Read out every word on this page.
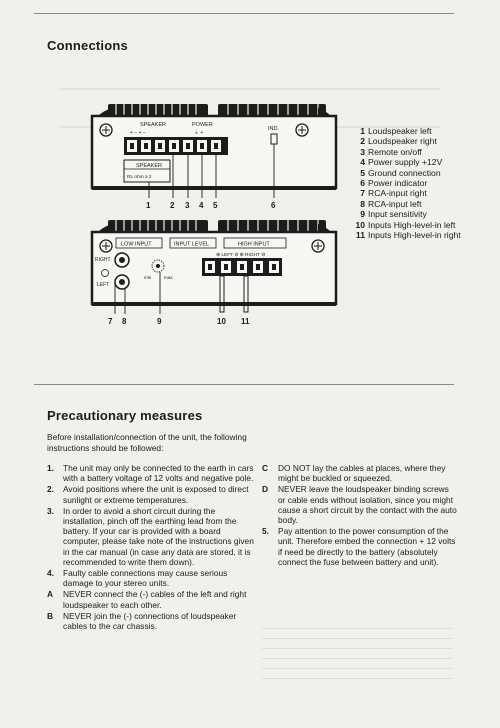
Connections
SPEAKER	POWER
+ − + −	⏚ +
SPEAKER
RL ohm ≥ 2
IND.
1 2 3 4 5	6
LOW INPUT	INPUT LEVEL	HIGH INPUT
⊕ LEFT ⊖ ⊕ RIGHT ⊖
RIGHT
LEFT
min	max
7 8	9	10 11
1 Loudspeaker left
2 Loudspeaker right
3 Remote on/off
4 Power supply +12V
5 Ground connection
6 Power indicator
7 RCA-input right
8 RCA-input left
9 Input sensitivity
10 Inputs High-level-in left
11 Inputs High-level-in right
Precautionary measures
Before installation/connection of the unit, the following instructions should be followed:
1. The unit may only be connected to the earth in cars with a battery voltage of 12 volts and negative pole.
2. Avoid positions where the unit is exposed to direct sunlight or extreme temperatures.
3. In order to avoid a short circuit during the installation, pinch off the earthing lead from the battery. If your car is provided with a board computer, please take note of the instructions given in the car manual (in case any data are stored, it is recommended to write them down).
4. Faulty cable connections may cause serious damage to your stereo units.
A NEVER connect the (-) cables of the left and right loudspeaker to each other.
B NEVER join the (-) connections of loudspeaker cables to the car chassis.
C DO NOT lay the cables at places, where they might be buckled or squeezed.
D NEVER leave the loudspeaker binding screws or cable ends without isolation, since you might cause a short circuit by the contact with the auto body.
5. Pay attention to the power consumption of the unit. Therefore embed the connection + 12 volts if need be directly to the battery (absolutely connect the fuse between battery and unit).
